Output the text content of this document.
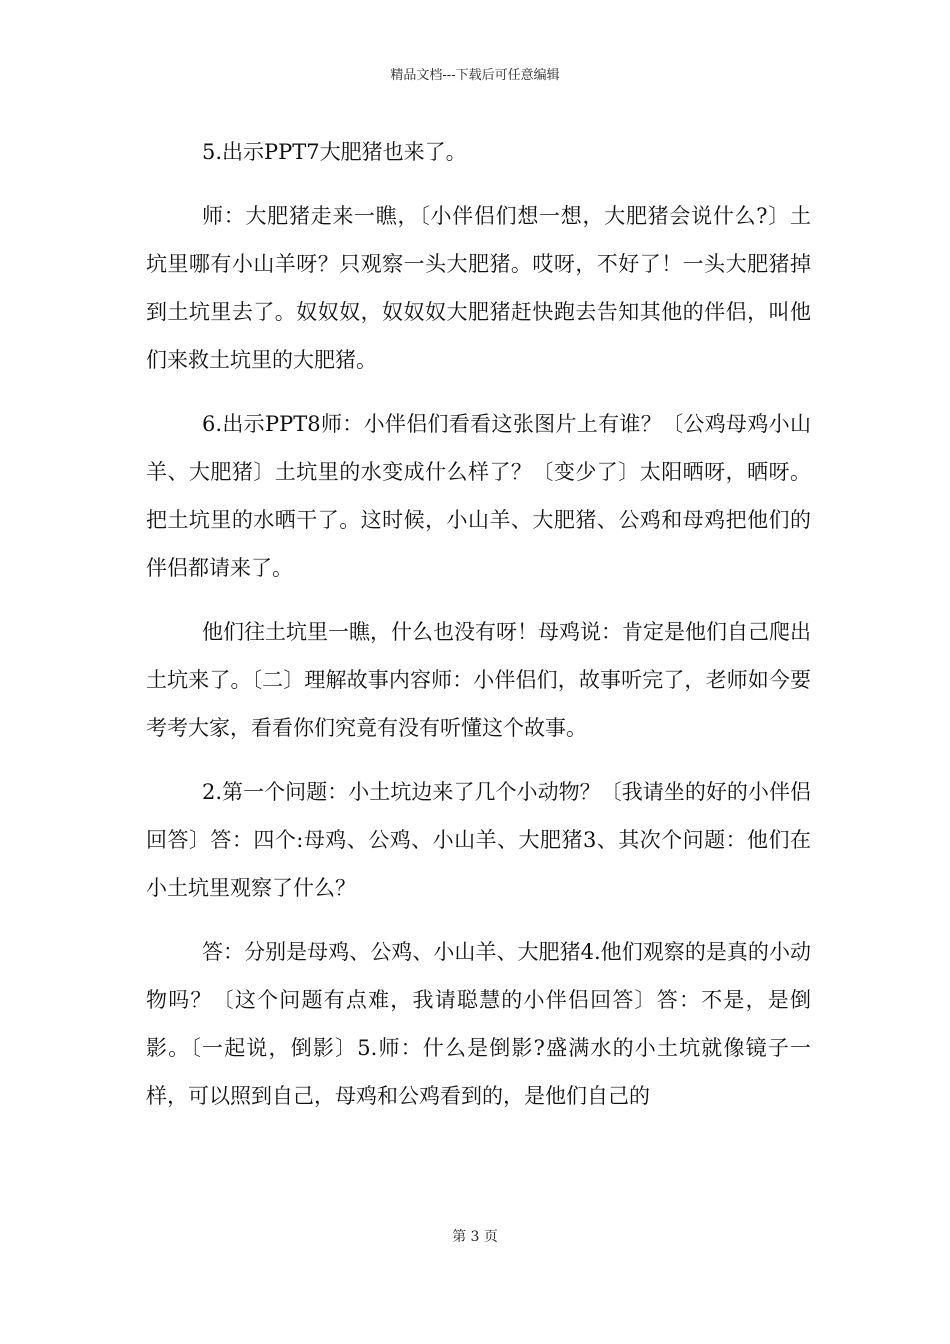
精品文档---下载后可任意编辑

5.出示PPT7大肥猪也来了。

师：大肥猪走来一瞧，〔小伴侣们想一想，大肥猪会说什么?〕土坑里哪有小山羊呀？只观察一头大肥猪。哎呀，不好了！一头大肥猪掉到土坑里去了。奴奴奴，奴奴奴大肥猪赶快跑去告知其他的伴侣，叫他们来救土坑里的大肥猪。

6.出示PPT8师：小伴侣们看看这张图片上有谁？〔公鸡母鸡小山羊、大肥猪〕土坑里的水变成什么样了？〔变少了〕太阳晒呀，晒呀。把土坑里的水晒干了。这时候，小山羊、大肥猪、公鸡和母鸡把他们的伴侣都请来了。

他们往土坑里一瞧，什么也没有呀！母鸡说：肯定是他们自己爬出土坑来了。〔二〕理解故事内容师：小伴侣们，故事听完了，老师如今要考考大家，看看你们究竟有没有听懂这个故事。

2.第一个问题：小土坑边来了几个小动物？〔我请坐的好的小伴侣回答〕答：四个:母鸡、公鸡、小山羊、大肥猪3、其次个问题：他们在小土坑里观察了什么？

答：分别是母鸡、公鸡、小山羊、大肥猪4.他们观察的是真的小动物吗？〔这个问题有点难，我请聪慧的小伴侣回答〕答：不是，是倒影。〔一起说，倒影〕5.师：什么是倒影?盛满水的小土坑就像镜子一样，可以照到自己，母鸡和公鸡看到的，是他们自己的

第 3 页
